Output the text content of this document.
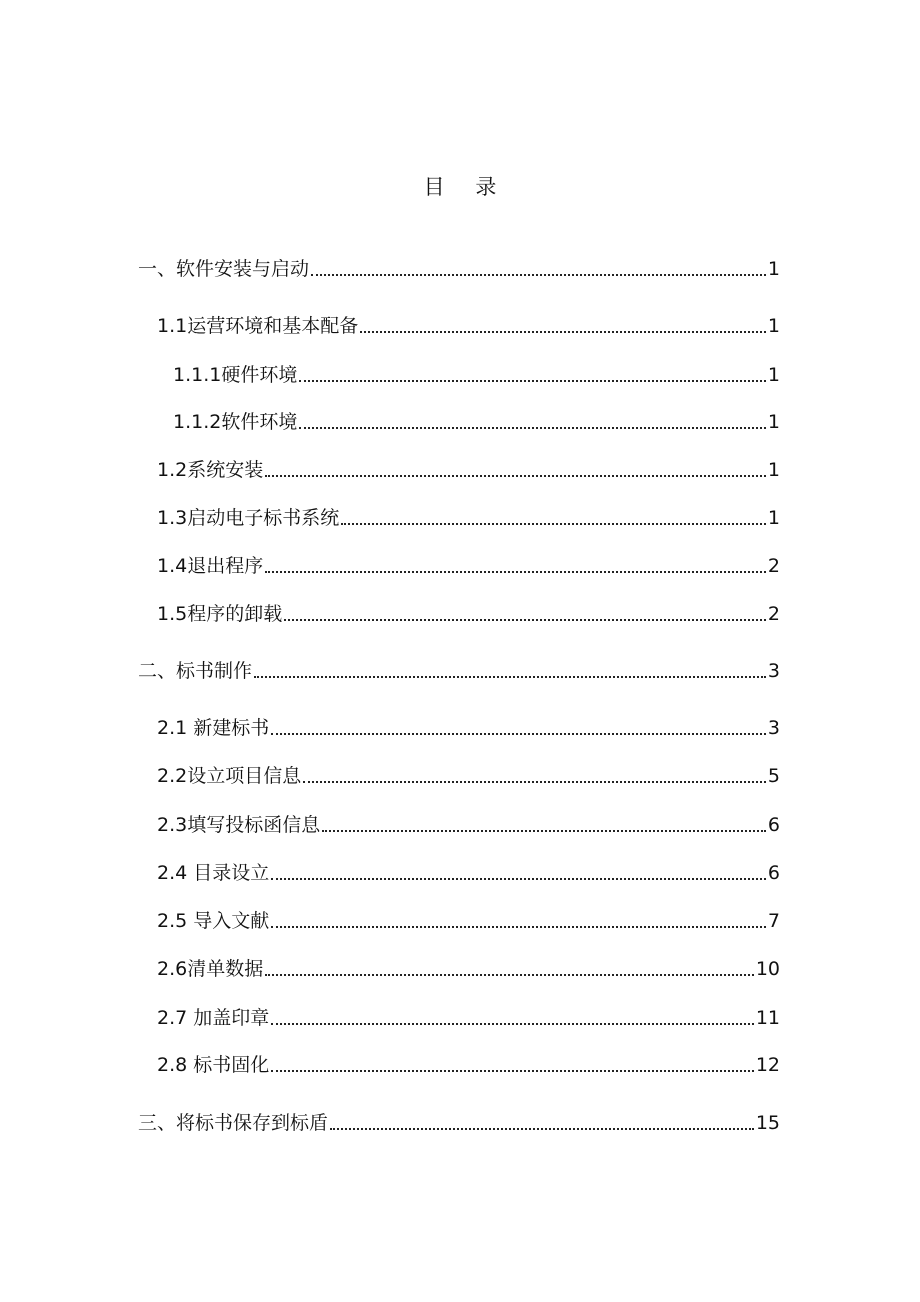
目 录
一、软件安装与启动	1
1.1运营环境和基本配备	1
1.1.1硬件环境	1
1.1.2软件环境	1
1.2系统安装	1
1.3启动电子标书系统	1
1.4退出程序	2
1.5程序的卸载	2
二、标书制作	3
2.1 新建标书	3
2.2设立项目信息	5
2.3填写投标函信息	6
2.4 目录设立	6
2.5 导入文献	7
2.6清单数据	10
2.7 加盖印章	11
2.8 标书固化	12
三、将标书保存到标盾	15
